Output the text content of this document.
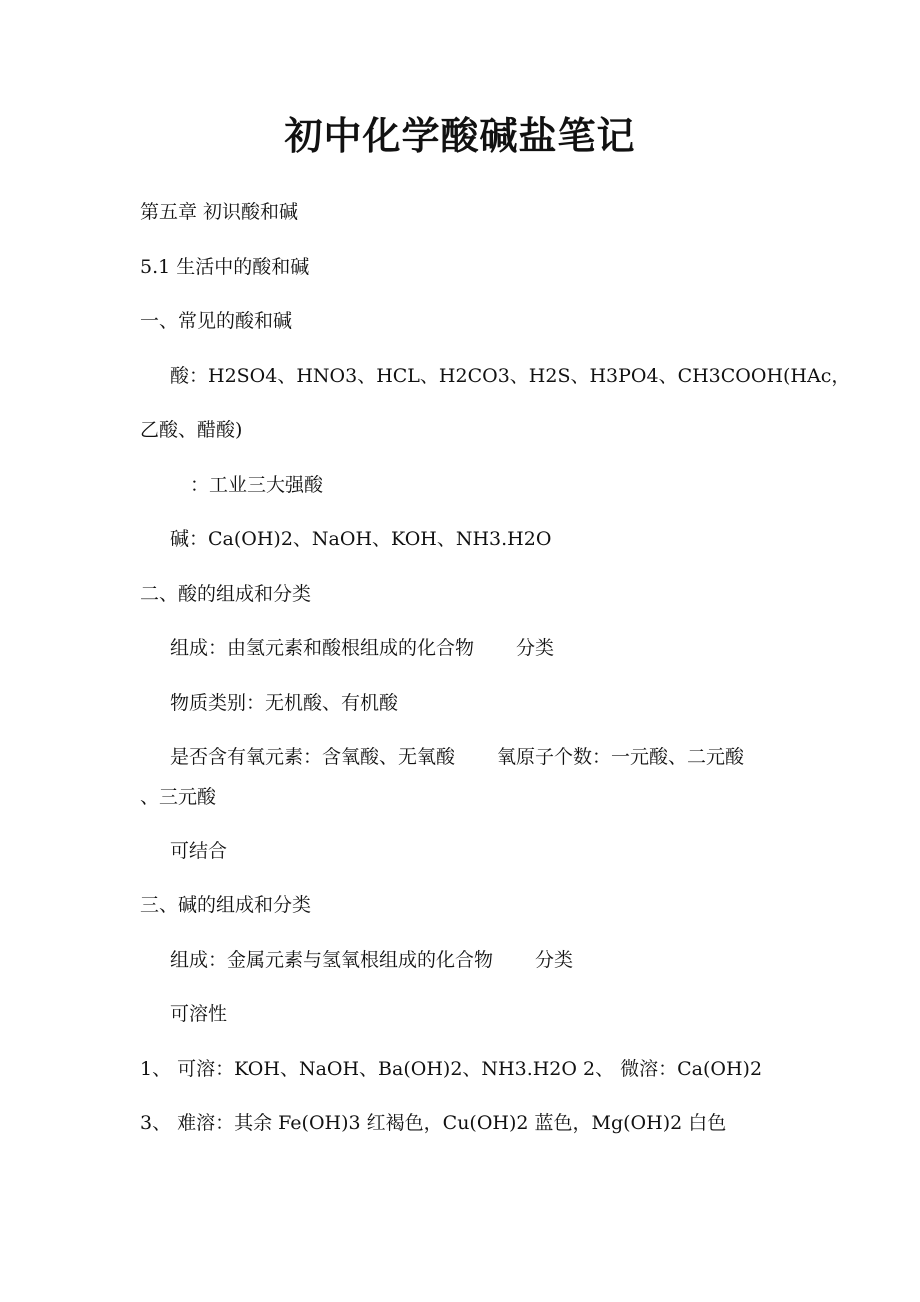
初中化学酸碱盐笔记
第五章 初识酸和碱
5.1 生活中的酸和碱
一、常见的酸和碱
酸：H2SO4、HNO3、HCL、H2CO3、H2S、H3PO4、CH3COOH(HAc，
乙酸、醋酸)
：工业三大强酸
碱：Ca(OH)2、NaOH、KOH、NH3.H2O
二、酸的组成和分类
组成：由氢元素和酸根组成的化合物 分类
物质类别：无机酸、有机酸
是否含有氧元素：含氧酸、无氧酸 氧原子个数：一元酸、二元酸
、三元酸
可结合
三、碱的组成和分类
组成：金属元素与氢氧根组成的化合物 分类
可溶性
1、 可溶：KOH、NaOH、Ba(OH)2、NH3.H2O 2、 微溶：Ca(OH)2
3、 难溶：其余 Fe(OH)3 红褐色，Cu(OH)2 蓝色，Mg(OH)2 白色
